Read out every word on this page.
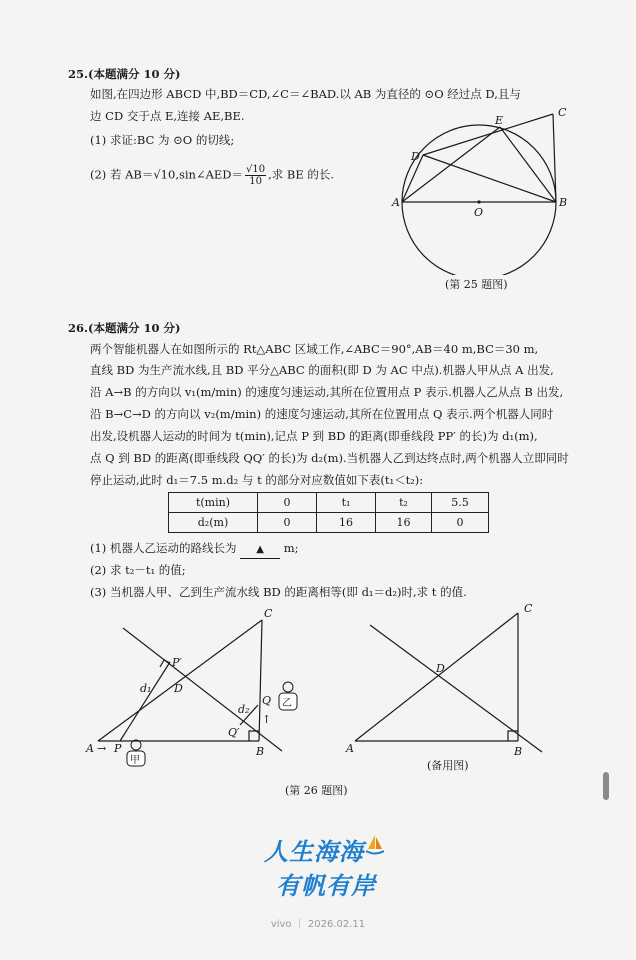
25.(本题满分 10 分)
如图,在四边形 ABCD 中,BD＝CD,∠C＝∠BAD.以 AB 为直径的 ⊙O 经过点 D,且与
边 CD 交于点 E,连接 AE,BE.
(1) 求证:BC 为 ⊙O 的切线;
(2) 若 AB＝√10,sin∠AED＝ $\frac{√10}{10}$ ,求 BE 的长.
A	B
C
D
E
O
(第 25 题图)
26.(本题满分 10 分)
两个智能机器人在如图所示的 Rt△ABC 区域工作,∠ABC＝90°,AB＝40 m,BC＝30 m,
直线 BD 为生产流水线,且 BD 平分△ABC 的面积(即 D 为 AC 中点).机器人甲从点 A 出发,
沿 A→B 的方向以 v₁(m/min) 的速度匀速运动,其所在位置用点 P 表示.机器人乙从点 B 出发,
沿 B→C→D 的方向以 v₂(m/min) 的速度匀速运动,其所在位置用点 Q 表示.两个机器人同时
出发,设机器人运动的时间为 t(min),记点 P 到 BD 的距离(即垂线段 PP′ 的长)为 d₁(m),
点 Q 到 BD 的距离(即垂线段 QQ′ 的长)为 d₂(m).当机器人乙到达终点时,两个机器人立即同时
停止运动,此时 d₁＝7.5 m.d₂ 与 t 的部分对应数值如下表(t₁＜t₂):
t(min)	0	t₁	t₂	5.5
d₂(m)	0	16	16	0
(1) 机器人乙运动的路线长为 ▲ m;
(2) 求 t₂－t₁ 的值;
(3) 当机器人甲、乙到生产流水线 BD 的距离相等(即 d₁＝d₂)时,求 t 的值.
A → P	B
C
D
P′
d₁
Q
Q′
d₂
↑
甲
乙
A	B
C
D
(第 26 题图)
(备用图)
人生海海
有帆有岸
vivo ｜ 2026.02.11
